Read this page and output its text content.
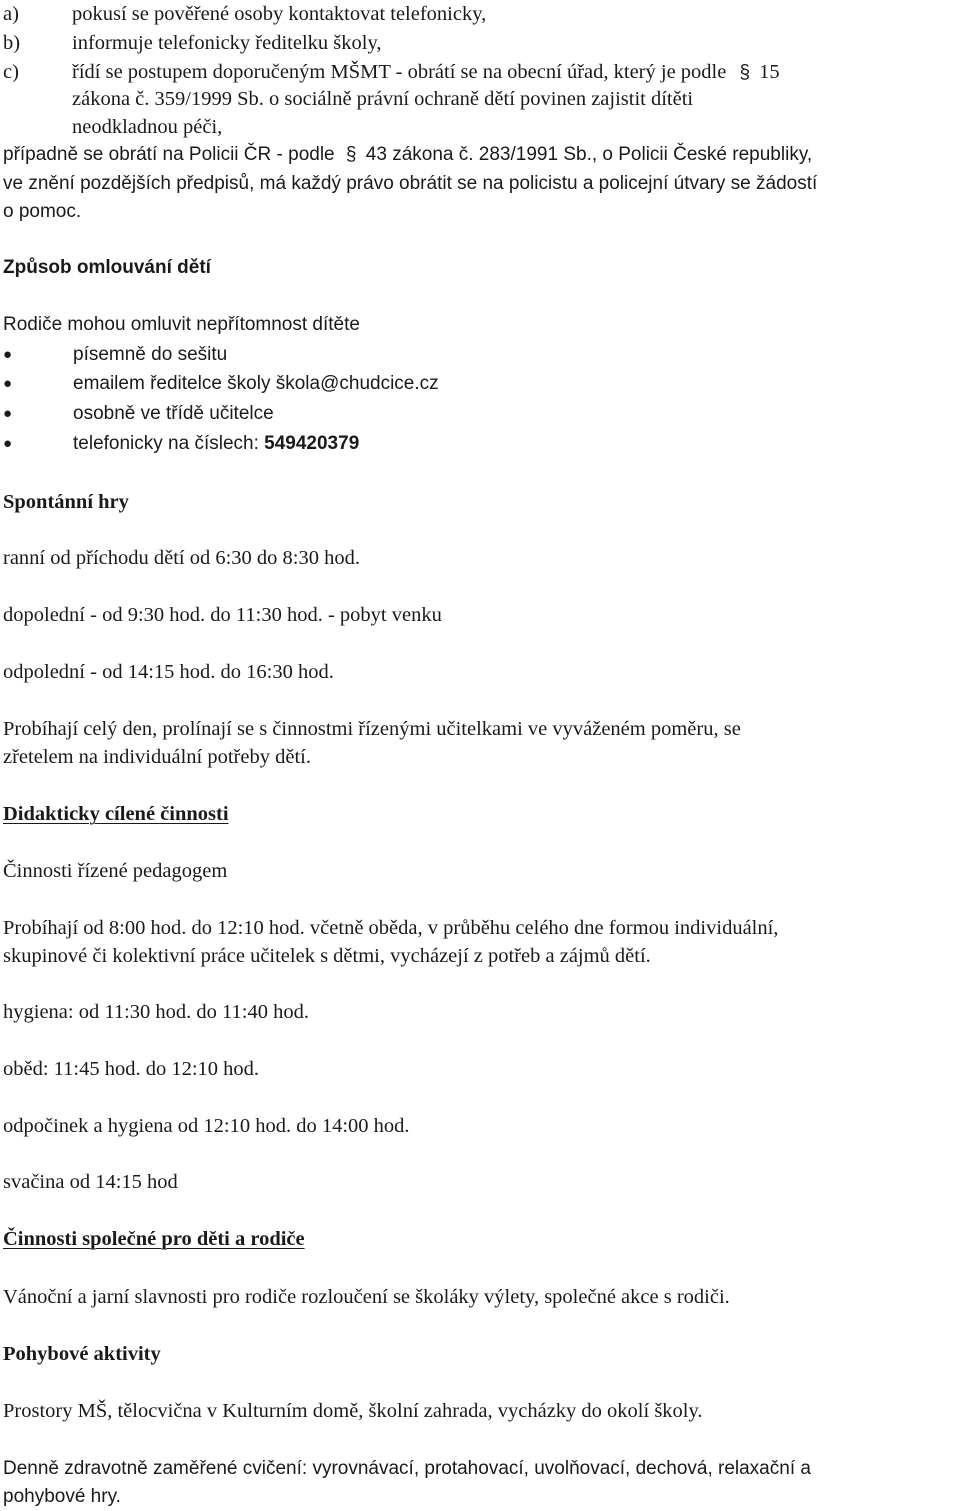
a)	pokusí se pověřené osoby kontaktovat telefonicky,
b)	informuje telefonicky ředitelku školy,
c)	řídí se postupem doporučeným MŠMT - obrátí se na obecní úřad, který je podle § 15
zákona č. 359/1999 Sb. o sociálně právní ochraně dětí povinen zajistit dítěti
neodkladnou péči,
případně se obrátí na Policii ČR - podle § 43 zákona č. 283/1991 Sb., o Policii České republiky,
ve znění pozdějších předpisů, má každý právo obrátit se na policistu a policejní útvary se žádostí
o pomoc.
Způsob omlouvání dětí
Rodiče mohou omluvit nepřítomnost dítěte
●	písemně do sešitu
●	emailem ředitelce školy škola@chudcice.cz
●	osobně ve třídě učitelce
●	telefonicky na číslech: 549420379
Spontánní hry
ranní od příchodu dětí od 6:30 do 8:30 hod.
dopolední - od 9:30 hod. do 11:30 hod. - pobyt venku
odpolední - od 14:15 hod. do 16:30 hod.
Probíhají celý den, prolínají se s činnostmi řízenými učitelkami ve vyváženém poměru, se
zřetelem na individuální potřeby dětí.
Didakticky cílené činnosti
Činnosti řízené pedagogem
Probíhají od 8:00 hod. do 12:10 hod. včetně oběda, v průběhu celého dne formou individuální,
skupinové či kolektivní práce učitelek s dětmi, vycházejí z potřeb a zájmů dětí.
hygiena: od 11:30 hod. do 11:40 hod.
oběd: 11:45 hod. do 12:10 hod.
odpočinek a hygiena od 12:10 hod. do 14:00 hod.
svačina od 14:15 hod
Činnosti společné pro děti a rodiče
Vánoční a jarní slavnosti pro rodiče rozloučení se školáky výlety, společné akce s rodiči.
Pohybové aktivity
Prostory MŠ, tělocvična v Kulturním domě, školní zahrada, vycházky do okolí školy.
Denně zdravotně zaměřené cvičení: vyrovnávací, protahovací, uvolňovací, dechová, relaxační a
pohybové hry.
